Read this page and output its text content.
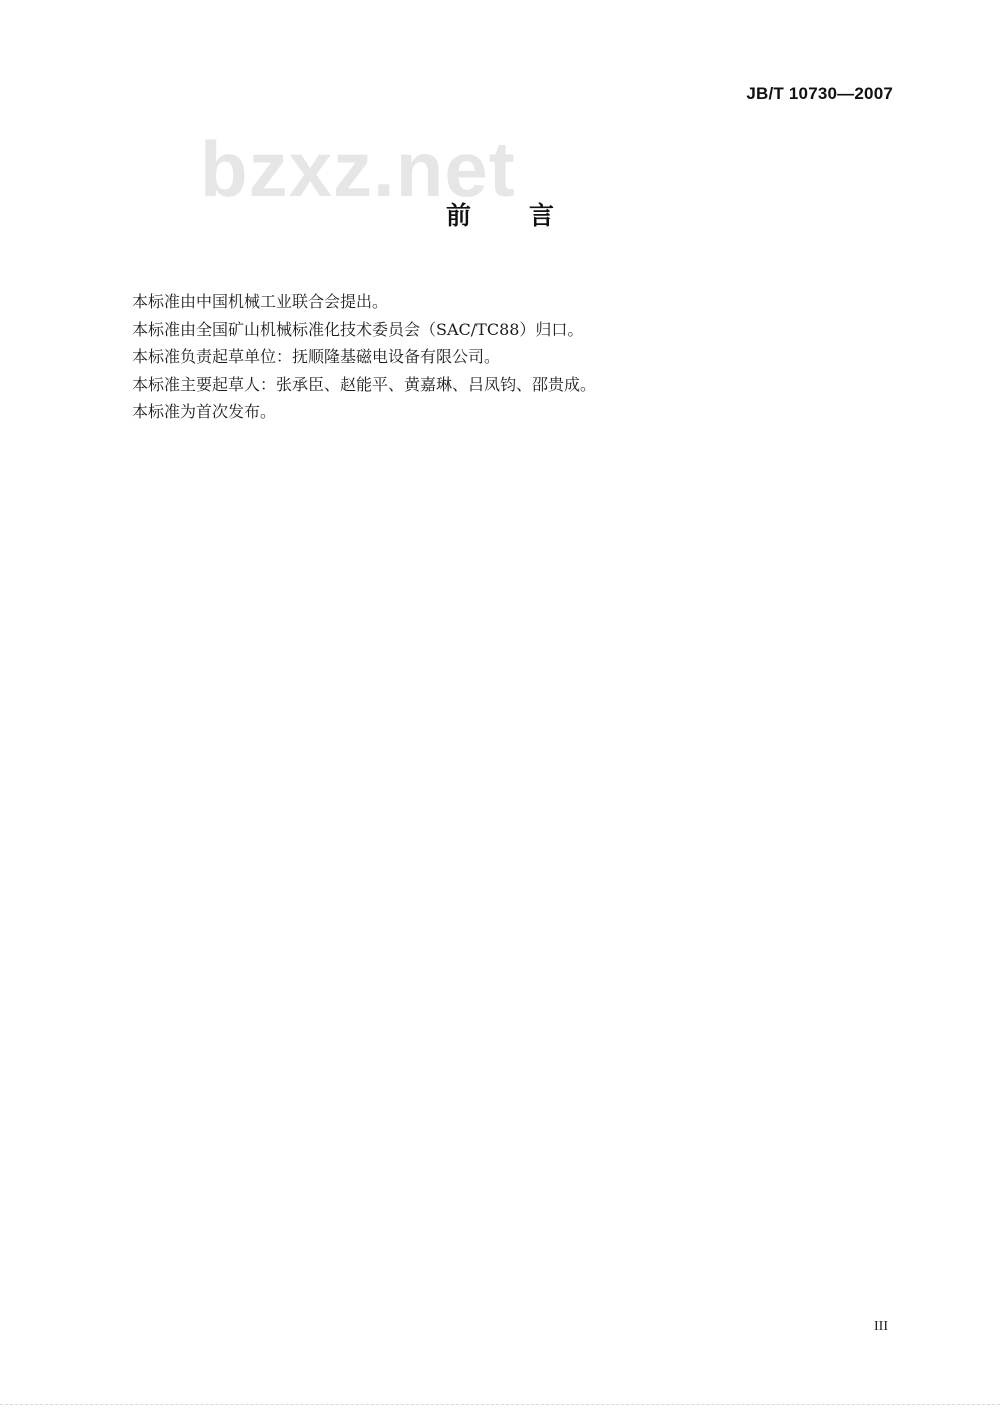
bzxz.net
JB/T 10730—2007
前言

本标准由中国机械工业联合会提出。

本标准由全国矿山机械标准化技术委员会（SAC/TC88）归口。

本标准负责起草单位：抚顺隆基磁电设备有限公司。

本标准主要起草人：张承臣、赵能平、黄嘉琳、吕凤钧、邵贵成。

本标准为首次发布。

III
